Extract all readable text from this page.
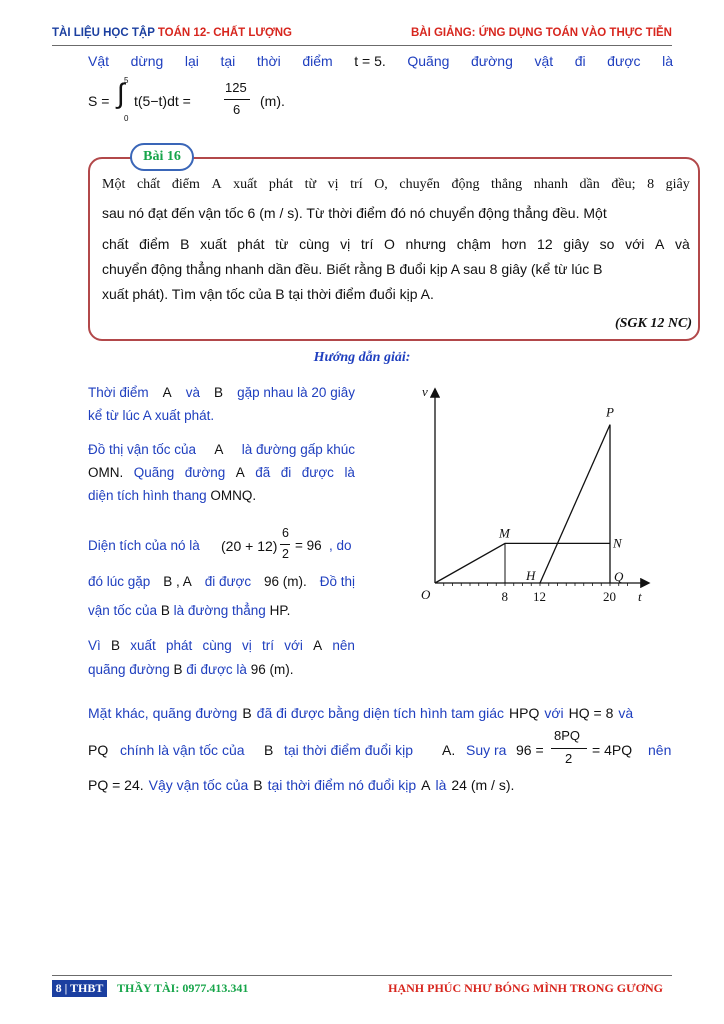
TÀI LIỆU HỌC TẬP TOÁN 12- CHẤT LƯỢNG	BÀI GIẢNG: ỨNG DỤNG TOÁN VÀO THỰC TIỄN
Vật dừng lại tại thời điểm t = 5. Quãng đường vật đi được là
S = ∫ 5
0
t(5−t)dt =
125
6
(m).
Bài 16
Một chất điểm A xuất phát từ vị trí O, chuyển động thẳng nhanh dần đều; 8 giây
sau nó đạt đến vận tốc 6 (m / s). Từ thời điểm đó nó chuyển động thẳng đều. Một
chất điểm B xuất phát từ cùng vị trí O nhưng chậm hơn 12 giây so với A và
chuyển động thẳng nhanh dần đều. Biết rằng B đuổi kịp A sau 8 giây (kể từ lúc B
xuất phát). Tìm vận tốc của B tại thời điểm đuổi kịp A.
(SGK 12 NC)
Hướng dẫn giải:
Thời điểm A và B gặp nhau là 20 giây
kể từ lúc A xuất phát.
Đồ thị vận tốc của A là đường gấp khúc
OMN. Quãng đường A đã đi được là
diện tích hình thang OMNQ.
Diện tích của nó là (20 + 12)
6
2
= 96 , do
đó lúc gặp B , A đi được 96 (m). Đồ thị
vận tốc của B là đường thẳng HP.
Vì B xuất phát cùng vị trí với A nên
quãng đường B đi được là 96 (m).
v
t
O
M
N
P
H	Q
8 12	20
Mặt khác, quãng đường B đã đi được bằng diện tích hình tam giác HPQ với HQ = 8 và
PQ chính là vận tốc của B tại thời điểm đuổi kịp A. Suy ra 96 =
8PQ
2
= 4PQ nên
PQ = 24. Vậy vận tốc của B tại thời điểm nó đuổi kịp A là 24 (m / s).
8 | THBT	THẦY TÀI: 0977.413.341	HẠNH PHÚC NHƯ BÓNG MÌNH TRONG GƯƠNG
